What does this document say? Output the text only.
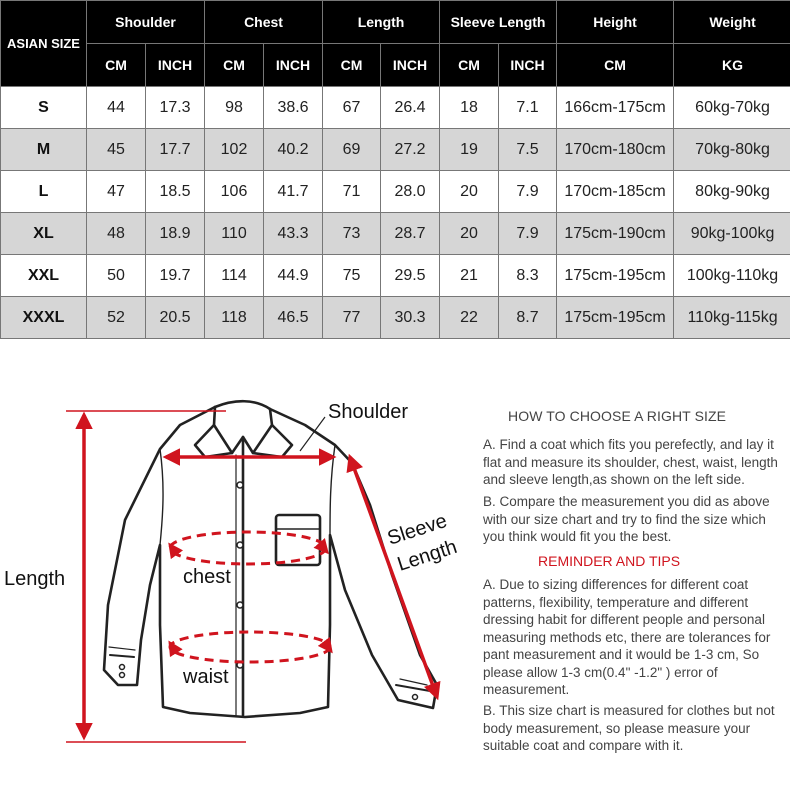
ASIAN SIZE	Shoulder		Chest		Length		Sleeve Length		Height	Weight
	CM	INCH	CM	INCH	CM	INCH	CM	INCH	CM	KG
S	44	17.3	98	38.6	67	26.4	18	7.1	166cm-175cm	60kg-70kg
M	45	17.7	102	40.2	69	27.2	19	7.5	170cm-180cm	70kg-80kg
L	47	18.5	106	41.7	71	28.0	20	7.9	170cm-185cm	80kg-90kg
XL	48	18.9	110	43.3	73	28.7	20	7.9	175cm-190cm	90kg-100kg
XXL	50	19.7	114	44.9	75	29.5	21	8.3	175cm-195cm	100kg-110kg
XXXL	52	20.5	118	46.5	77	30.3	22	8.7	175cm-195cm	110kg-115kg
Shoulder
Length	chest
waist
Sleeve
Length
HOW TO CHOOSE A RIGHT SIZE
A. Find a coat which fits you perefectly, and lay it flat and measure its shoulder, chest, waist, length and sleeve length,as shown on the left side.
B. Compare the measurement you did as above with our size chart and try to find the size which you think would fit you the best.
REMINDER AND TIPS
A. Due to sizing differences for different coat patterns, flexibility, temperature and different dressing habit for different people and personal measuring methods etc, there are tolerances for pant measurement and it would be 1-3 cm, So please allow 1-3 cm(0.4" -1.2" ) error of measurement.
B. This size chart is measured for clothes but not body measurement, so please measure your suitable coat and compare with it.
